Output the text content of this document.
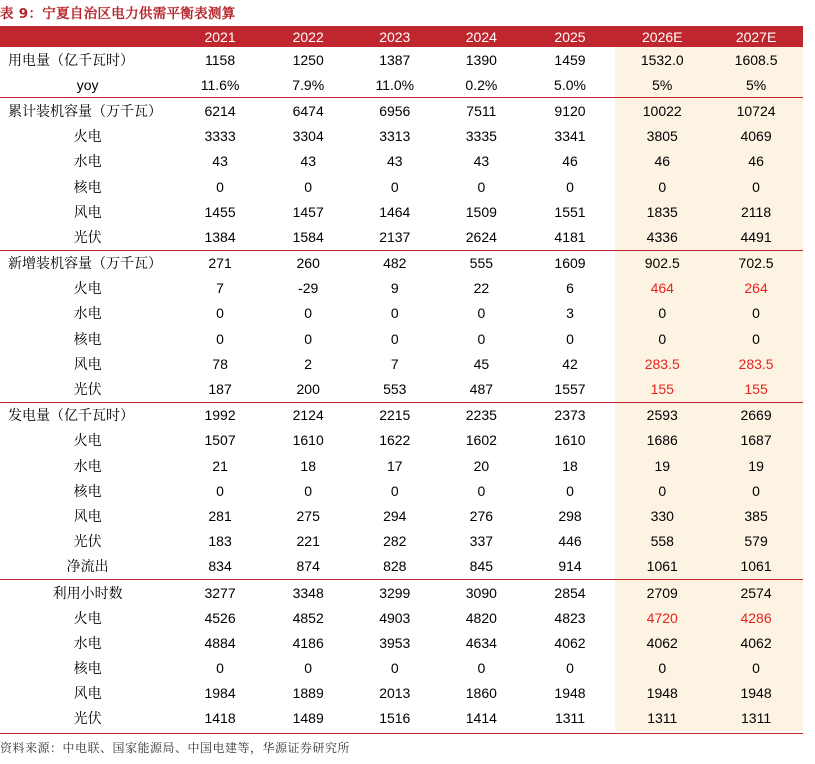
表 9：宁夏自治区电力供需平衡表测算
	2021	2022	2023	2024	2025	2026E	2027E
用电量（亿千瓦时）	1158	1250	1387	1390	1459	1532.0	1608.5
yoy	11.6%	7.9%	11.0%	0.2%	5.0%	5%	5%
累计装机容量（万千瓦）	6214	6474	6956	7511	9120	10022	10724
火电	3333	3304	3313	3335	3341	3805	4069
水电	43	43	43	43	46	46	46
核电	0	0	0	0	0	0	0
风电	1455	1457	1464	1509	1551	1835	2118
光伏	1384	1584	2137	2624	4181	4336	4491
新增装机容量（万千瓦）	271	260	482	555	1609	902.5	702.5
火电	7	-29	9	22	6	464	264
水电	0	0	0	0	3	0	0
核电	0	0	0	0	0	0	0
风电	78	2	7	45	42	283.5	283.5
光伏	187	200	553	487	1557	155	155
发电量（亿千瓦时）	1992	2124	2215	2235	2373	2593	2669
火电	1507	1610	1622	1602	1610	1686	1687
水电	21	18	17	20	18	19	19
核电	0	0	0	0	0	0	0
风电	281	275	294	276	298	330	385
光伏	183	221	282	337	446	558	579
净流出	834	874	828	845	914	1061	1061
利用小时数	3277	3348	3299	3090	2854	2709	2574
火电	4526	4852	4903	4820	4823	4720	4286
水电	4884	4186	3953	4634	4062	4062	4062
核电	0	0	0	0	0	0	0
风电	1984	1889	2013	1860	1948	1948	1948
光伏	1418	1489	1516	1414	1311	1311	1311
资料来源：中电联、国家能源局、中国电建等，华源证券研究所
